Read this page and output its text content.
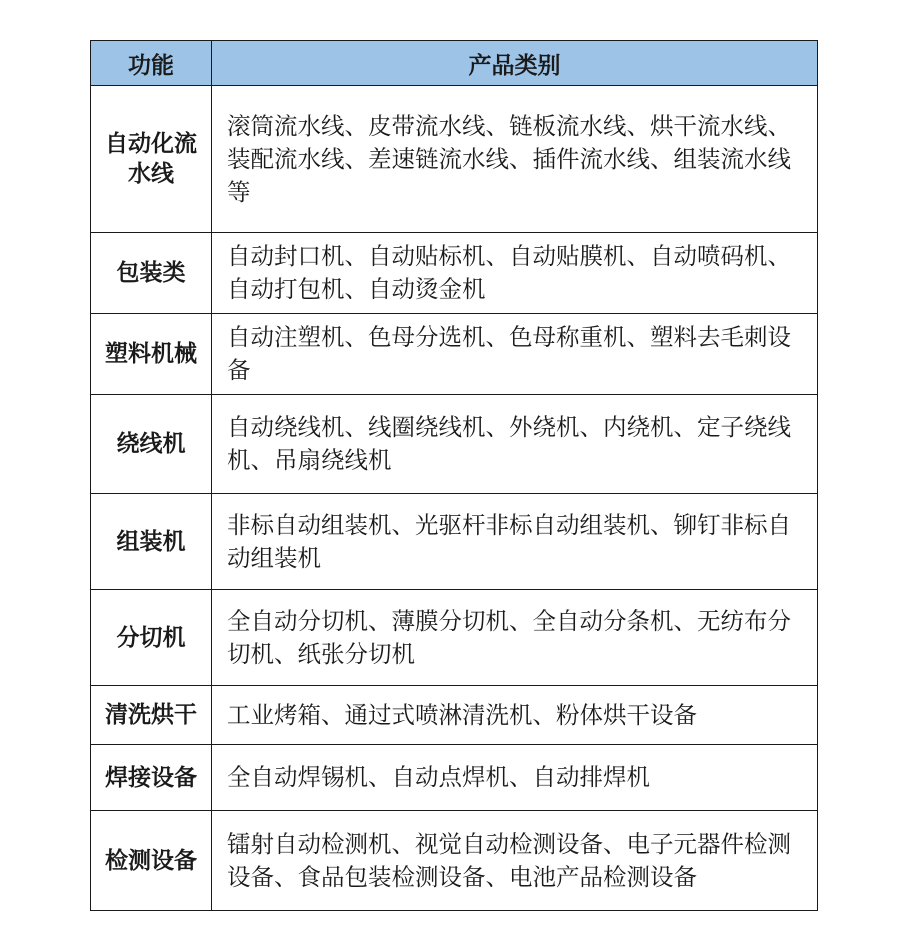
功能	产品类别
自动化流水线	滚筒流水线、皮带流水线、链板流水线、烘干流水线、装配流水线、差速链流水线、插件流水线、组装流水线等
包装类	自动封口机、自动贴标机、自动贴膜机、自动喷码机、自动打包机、自动烫金机
塑料机械	自动注塑机、色母分选机、色母称重机、塑料去毛刺设备
绕线机	自动绕线机、线圈绕线机、外绕机、内绕机、定子绕线机、吊扇绕线机
组装机	非标自动组装机、光驱杆非标自动组装机、铆钉非标自动组装机
分切机	全自动分切机、薄膜分切机、全自动分条机、无纺布分切机、纸张分切机
清洗烘干	工业烤箱、通过式喷淋清洗机、粉体烘干设备
焊接设备	全自动焊锡机、自动点焊机、自动排焊机
检测设备	镭射自动检测机、视觉自动检测设备、电子元器件检测设备、食品包装检测设备、电池产品检测设备
